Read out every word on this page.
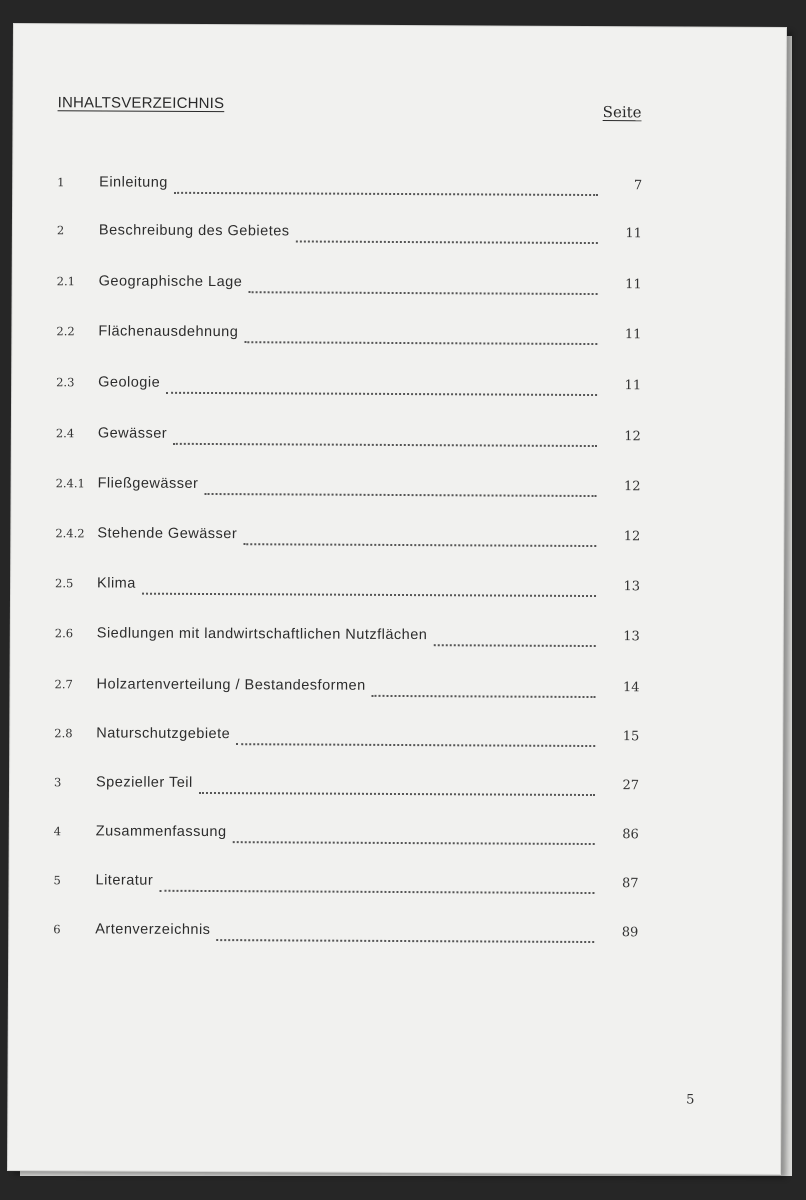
INHALTSVERZEICHNIS	Seite
1	Einleitung	7
2	Beschreibung des Gebietes	11
2.1	Geographische Lage	11
2.2	Flächenausdehnung	11
2.3	Geologie	11
2.4	Gewässer	12
2.4.1 Fließgewässer	12
2.4.2 Stehende Gewässer	12
2.5	Klima	13
2.6	Siedlungen mit landwirtschaftlichen Nutzflächen	13
2.7	Holzartenverteilung / Bestandesformen	14
2.8	Naturschutzgebiete	15
3	Spezieller Teil	27
4	Zusammenfassung	86
5	Literatur	87
6	Artenverzeichnis	89
5
